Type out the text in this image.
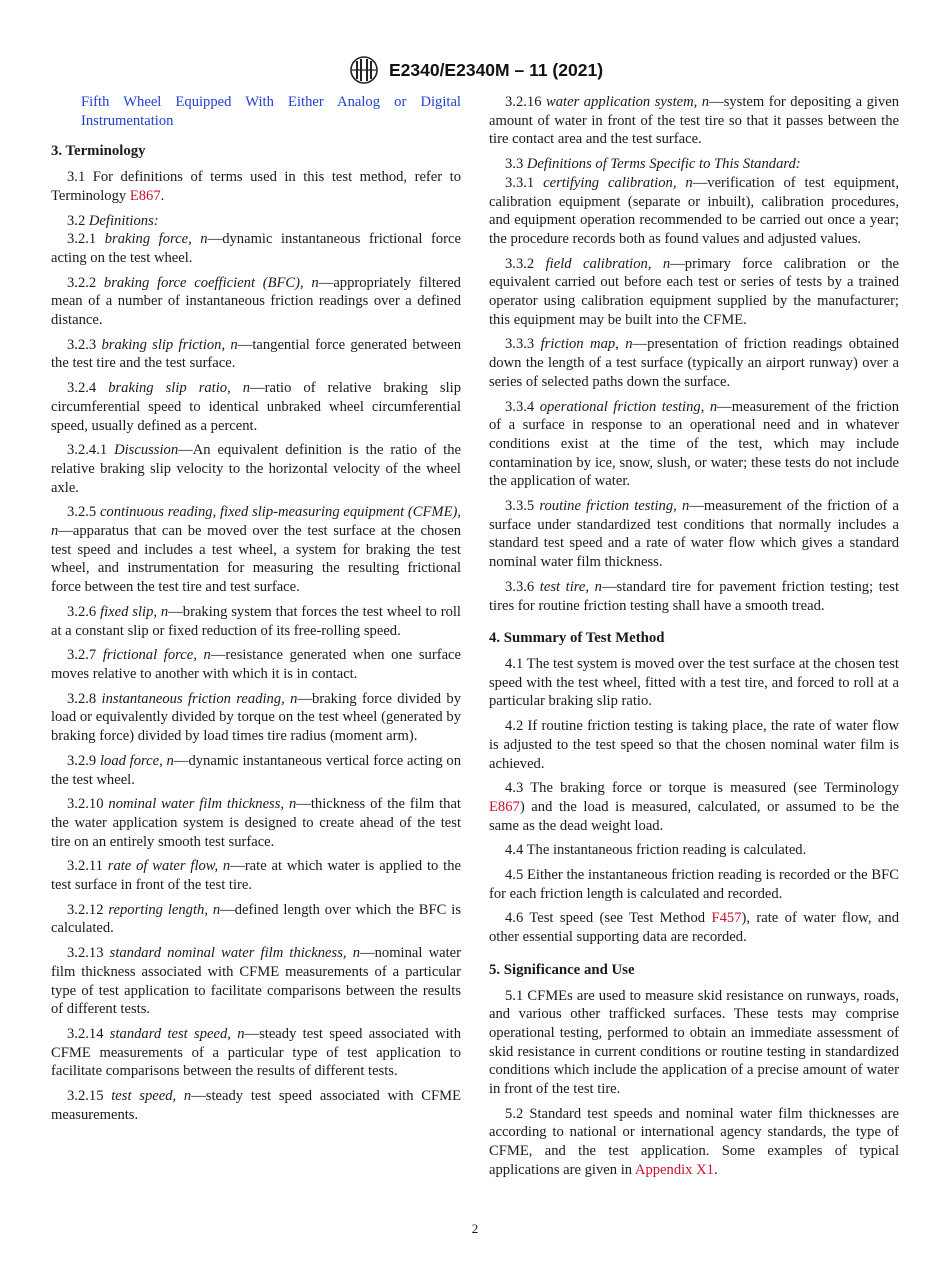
E2340/E2340M – 11 (2021)

Fifth Wheel Equipped With Either Analog or Digital Instrumentation

3. Terminology

3.1 For definitions of terms used in this test method, refer to Terminology E867.

3.2 Definitions:

3.2.1 braking force, n—dynamic instantaneous frictional force acting on the test wheel.

3.2.2 braking force coefficient (BFC), n—appropriately filtered mean of a number of instantaneous friction readings over a defined distance.

3.2.3 braking slip friction, n—tangential force generated between the test tire and the test surface.

3.2.4 braking slip ratio, n—ratio of relative braking slip circumferential speed to identical unbraked wheel circumferential speed, usually defined as a percent.

3.2.4.1 Discussion—An equivalent definition is the ratio of the relative braking slip velocity to the horizontal velocity of the wheel axle.

3.2.5 continuous reading, fixed slip-measuring equipment (CFME), n—apparatus that can be moved over the test surface at the chosen test speed and includes a test wheel, a system for braking the test wheel, and instrumentation for measuring the resulting frictional force between the test tire and test surface.

3.2.6 fixed slip, n—braking system that forces the test wheel to roll at a constant slip or fixed reduction of its free-rolling speed.

3.2.7 frictional force, n—resistance generated when one surface moves relative to another with which it is in contact.

3.2.8 instantaneous friction reading, n—braking force divided by load or equivalently divided by torque on the test wheel (generated by braking force) divided by load times tire radius (moment arm).

3.2.9 load force, n—dynamic instantaneous vertical force acting on the test wheel.

3.2.10 nominal water film thickness, n—thickness of the film that the water application system is designed to create ahead of the test tire on an entirely smooth test surface.

3.2.11 rate of water flow, n—rate at which water is applied to the test surface in front of the test tire.

3.2.12 reporting length, n—defined length over which the BFC is calculated.

3.2.13 standard nominal water film thickness, n—nominal water film thickness associated with CFME measurements of a particular type of test application to facilitate comparisons between the results of different tests.

3.2.14 standard test speed, n—steady test speed associated with CFME measurements of a particular type of test application to facilitate comparisons between the results of different tests.

3.2.15 test speed, n—steady test speed associated with CFME measurements.

3.2.16 water application system, n—system for depositing a given amount of water in front of the test tire so that it passes between the tire contact area and the test surface.

3.3 Definitions of Terms Specific to This Standard:

3.3.1 certifying calibration, n—verification of test equipment, calibration equipment (separate or inbuilt), calibration procedures, and equipment operation recommended to be carried out once a year; the procedure records both as found values and adjusted values.

3.3.2 field calibration, n—primary force calibration or the equivalent carried out before each test or series of tests by a trained operator using calibration equipment supplied by the manufacturer; this equipment may be built into the CFME.

3.3.3 friction map, n—presentation of friction readings obtained down the length of a test surface (typically an airport runway) over a series of selected paths down the surface.

3.3.4 operational friction testing, n—measurement of the friction of a surface in response to an operational need and in whatever conditions exist at the time of the test, which may include contamination by ice, snow, slush, or water; these tests do not include the application of water.

3.3.5 routine friction testing, n—measurement of the friction of a surface under standardized test conditions that normally includes a standard test speed and a rate of water flow which gives a standard nominal water film thickness.

3.3.6 test tire, n—standard tire for pavement friction testing; test tires for routine friction testing shall have a smooth tread.

4. Summary of Test Method

4.1 The test system is moved over the test surface at the chosen test speed with the test wheel, fitted with a test tire, and forced to roll at a particular braking slip ratio.

4.2 If routine friction testing is taking place, the rate of water flow is adjusted to the test speed so that the chosen nominal water film is achieved.

4.3 The braking force or torque is measured (see Terminology E867) and the load is measured, calculated, or assumed to be the same as the dead weight load.

4.4 The instantaneous friction reading is calculated.

4.5 Either the instantaneous friction reading is recorded or the BFC for each friction length is calculated and recorded.

4.6 Test speed (see Test Method F457), rate of water flow, and other essential supporting data are recorded.

5. Significance and Use

5.1 CFMEs are used to measure skid resistance on runways, roads, and various other trafficked surfaces. These tests may comprise operational testing, performed to obtain an immediate assessment of skid resistance in current conditions or routine testing in standardized conditions which include the application of a precise amount of water in front of the test tire.

5.2 Standard test speeds and nominal water film thicknesses are according to national or international agency standards, the type of CFME, and the test application. Some examples of typical applications are given in Appendix X1.

2
